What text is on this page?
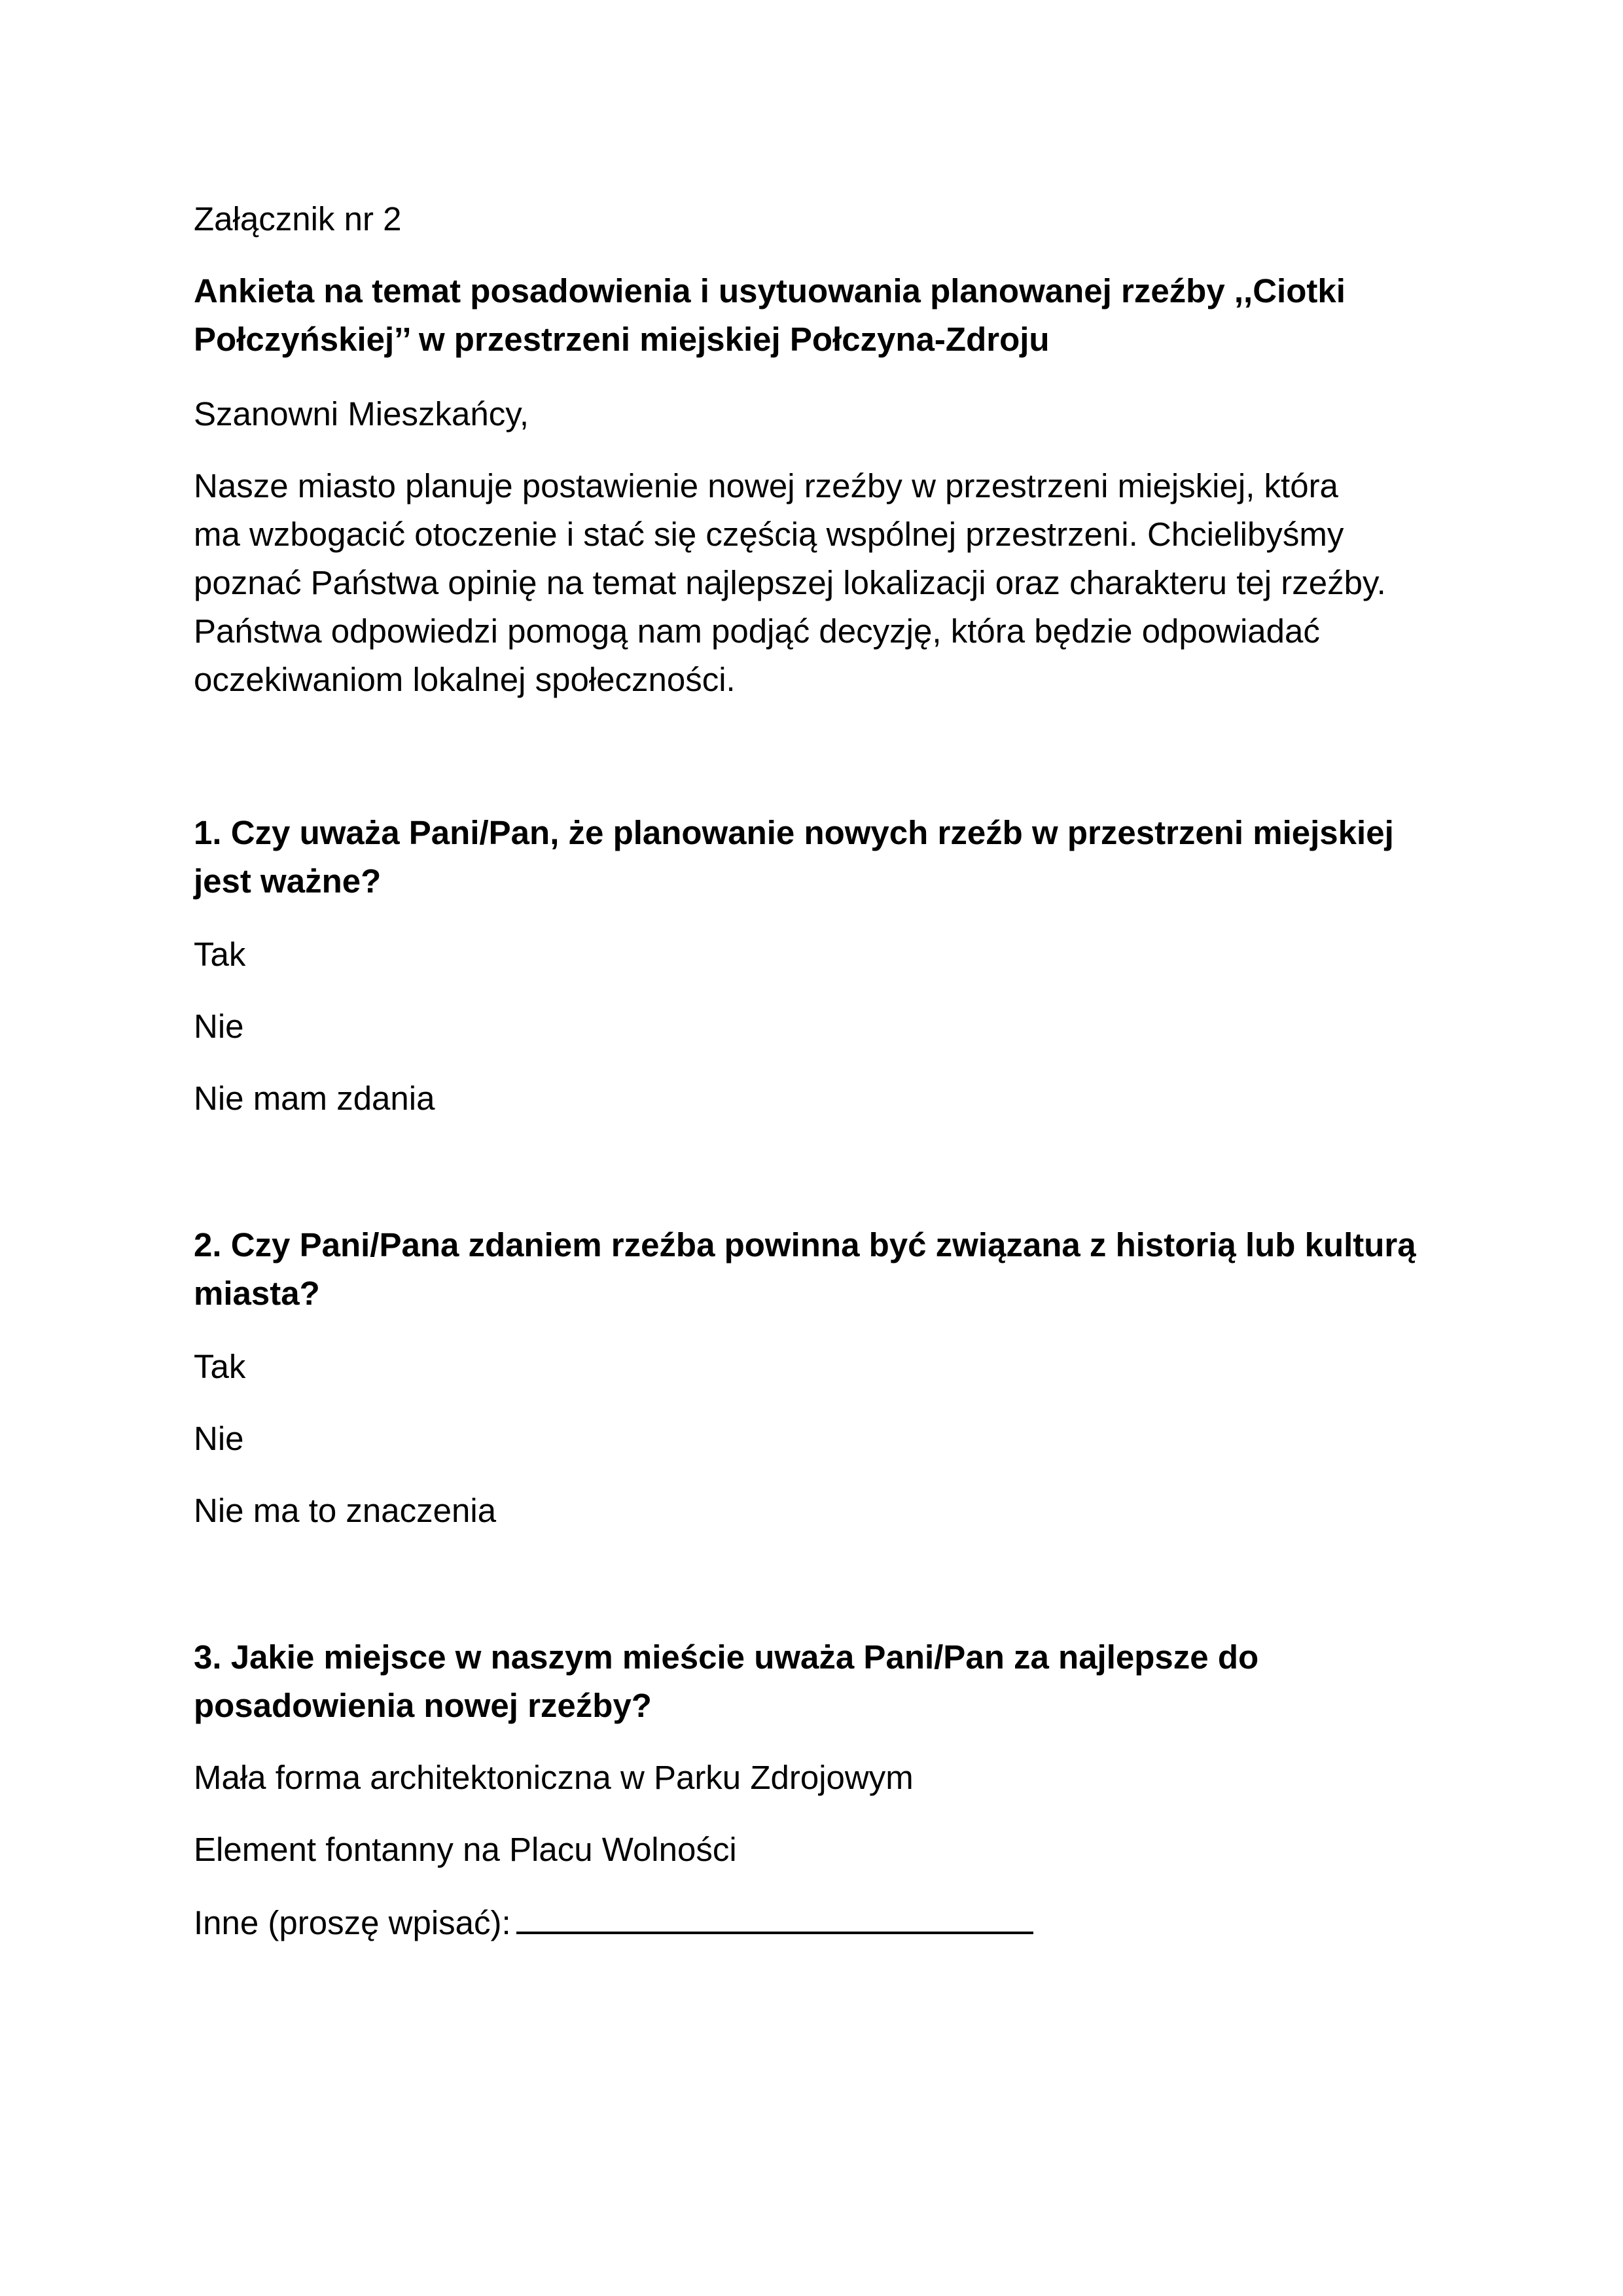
Załącznik nr 2

Ankieta na temat posadowienia i usytuowania planowanej rzeźby ,,Ciotki

Połczyńskiej’’ w przestrzeni miejskiej Połczyna-Zdroju

Szanowni Mieszkańcy,

Nasze miasto planuje postawienie nowej rzeźby w przestrzeni miejskiej, która

ma wzbogacić otoczenie i stać się częścią wspólnej przestrzeni. Chcielibyśmy

poznać Państwa opinię na temat najlepszej lokalizacji oraz charakteru tej rzeźby.

Państwa odpowiedzi pomogą nam podjąć decyzję, która będzie odpowiadać

oczekiwaniom lokalnej społeczności.

1. Czy uważa Pani/Pan, że planowanie nowych rzeźb w przestrzeni miejskiej

jest ważne?

Tak

Nie

Nie mam zdania

2. Czy Pani/Pana zdaniem rzeźba powinna być związana z historią lub kulturą

miasta?

Tak

Nie

Nie ma to znaczenia

3. Jakie miejsce w naszym mieście uważa Pani/Pan za najlepsze do

posadowienia nowej rzeźby?

Mała forma architektoniczna w Parku Zdrojowym

Element fontanny na Placu Wolności

Inne (proszę wpisać):
